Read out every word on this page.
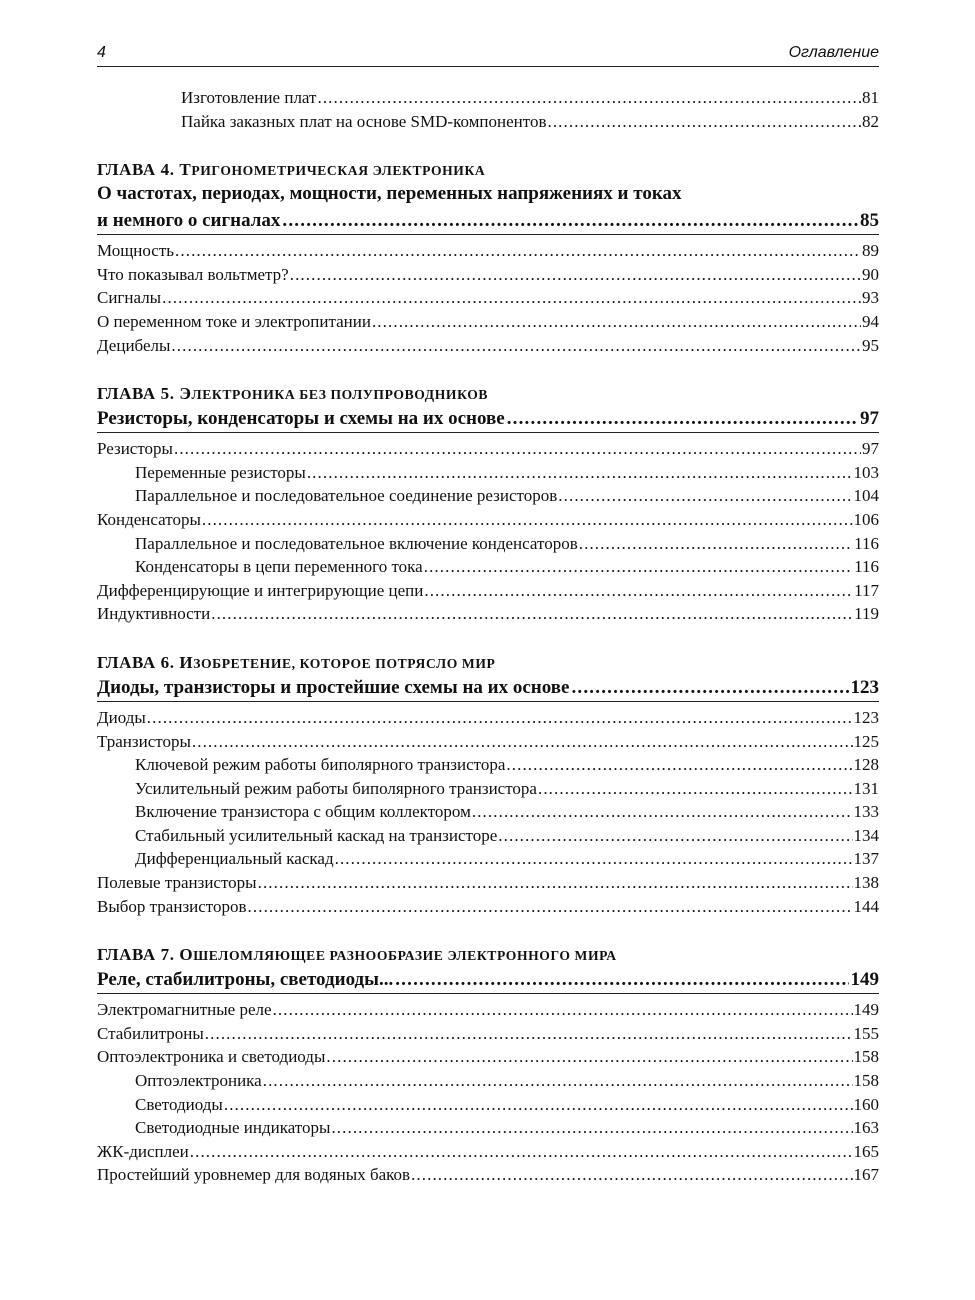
4	Оглавление
Изготовление плат .....	81
Пайка заказных плат на основе SMD-компонентов .....	82
ГЛАВА 4. ТРИГОНОМЕТРИЧЕСКАЯ ЭЛЕКТРОНИКА
О частотах, периодах, мощности, переменных напряжениях и токах
и немного о сигналах .....	85
Мощность .....	89
Что показывал вольтметр? .....	90
Сигналы .....	93
О переменном токе и электропитании .....	94
Децибелы .....	95
ГЛАВА 5. ЭЛЕКТРОНИКА БЕЗ ПОЛУПРОВОДНИКОВ
Резисторы, конденсаторы и схемы на их основе .....	97
Резисторы .....	97
Переменные резисторы .....	103
Параллельное и последовательное соединение резисторов .....	104
Конденсаторы .....	106
Параллельное и последовательное включение конденсаторов .....	116
Конденсаторы в цепи переменного тока .....	116
Дифференцирующие и интегрирующие цепи .....	117
Индуктивности .....	119
ГЛАВА 6. ИЗОБРЕТЕНИЕ, КОТОРОЕ ПОТРЯСЛО МИР
Диоды, транзисторы и простейшие схемы на их основе .....	123
Диоды .....	123
Транзисторы .....	125
Ключевой режим работы биполярного транзистора .....	128
Усилительный режим работы биполярного транзистора .....	131
Включение транзистора с общим коллектором .....	133
Стабильный усилительный каскад на транзисторе .....	134
Дифференциальный каскад .....	137
Полевые транзисторы .....	138
Выбор транзисторов .....	144
ГЛАВА 7. ОШЕЛОМЛЯЮЩЕЕ РАЗНООБРАЗИЕ ЭЛЕКТРОННОГО МИРА
Реле, стабилитроны, светодиоды... .....	149
Электромагнитные реле .....	149
Стабилитроны .....	155
Оптоэлектроника и светодиоды .....	158
Оптоэлектроника .....	158
Светодиоды .....	160
Светодиодные индикаторы .....	163
ЖК-дисплеи .....	165
Простейший уровнемер для водяных баков .....	167
